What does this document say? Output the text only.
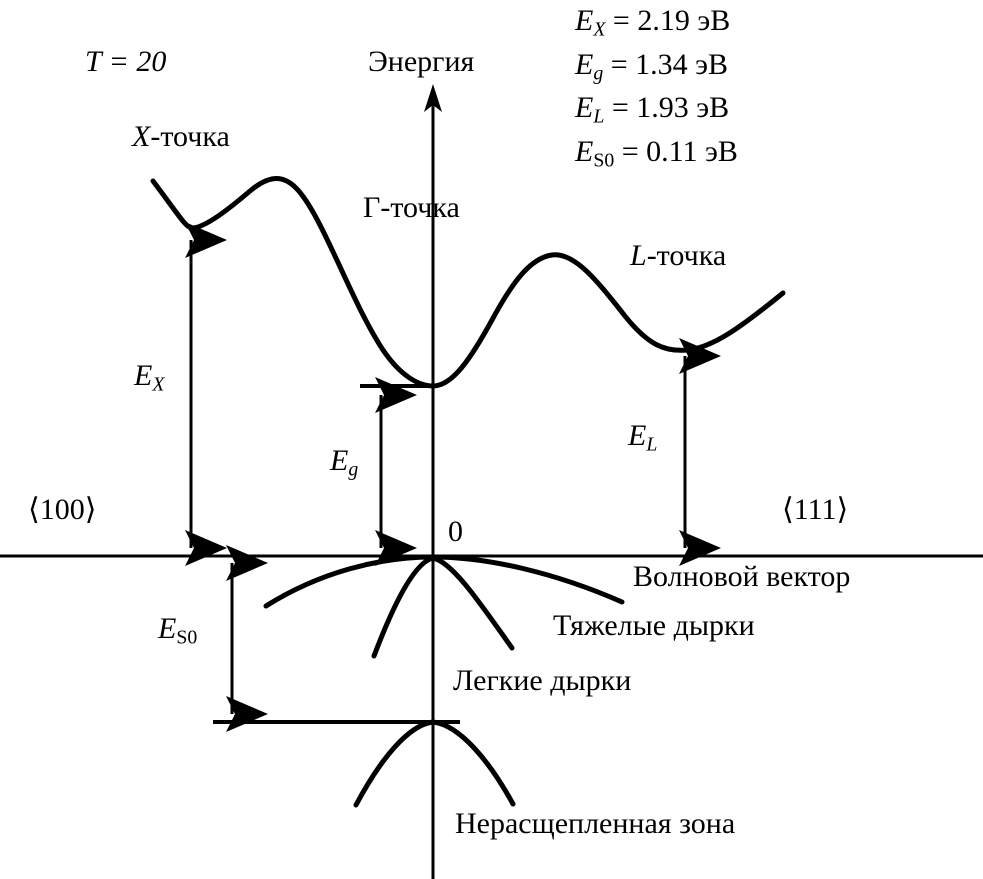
$E_X = 2.19$ эВ
$E_g = 1.34$ эВ
$E_L = 1.93$ эВ
$E_{S0} = 0.11$ эВ
T = 20	Энергия
Волновой вектор
0
⟨100⟩	⟨111⟩
X-точка
Г-точка
L-точка
$E_X$
$E_g$
$E_L$
$E_{S0}$	Тяжелые дырки
Легкие дырки
Нерасщепленная зона
